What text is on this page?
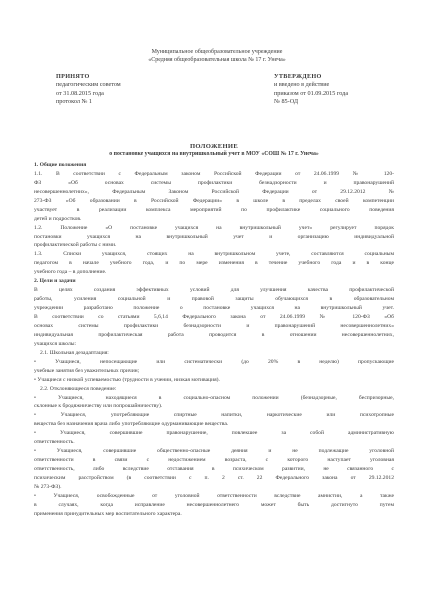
Муниципальное общеобразовательное учреждение
«Средняя общеобразовательная школа № 17 г. Унеча»
ПРИНЯТО
педагогическим советом
от 31.08.2015 года
протокол № 1
УТВЕРЖДЕНО
и введено в действие
приказом от 01.09.2015 года
№ 85-ОД
ПОЛОЖЕНИЕ
о постановке учащихся на внутришкольный учет в МОУ «СОШ № 17 г. Унеча»

1. Общие положения

1.1. В соответствии с Федеральным законом Российской Федерации от 24.06.1999 № 120-

ФЗ «Об основах системы профилактики безнадзорности и правонарушений

несовершеннолетних», Федеральным Законом Российской Федерации от 29.12.2012 №

273-ФЗ «Об образовании в Российской Федерации» в школе в пределах своей компетенции

участвует в реализации комплекса мероприятий по профилактике социального поведения

детей и подростков.

1.2. Положение «О постановке учащихся на внутришкольный учет» регулирует порядок

постановки учащихся на внутришкольный учет и организацию индивидуальной

профилактической работы с ними.

1.3. Списки учащихся, стоящих на внутришкольном учете, составляются социальным

педагогом в начале учебного года, и по мере изменения в течение учебного года и в конце

учебного года – в дополнение.

2. Цели и задачи

В целях создания эффективных условий для улучшения качества профилактической

работы, усиления социальной и правовой защиты обучающихся в образовательном

учреждении разработано положение о постановке учащихся на внутришкольный учет.

В соответствии со статьями 5,6,14 Федерального закона от 24.06.1999 № 120-ФЗ «Об

основах системы профилактики безнадзорности и правонарушений несовершеннолетних»

индивидуальная профилактическая работа проводится в отношении несовершеннолетних,

учащихся школы:

2.1. Школьная дезадаптация:

• Учащиеся, непосещающие или систематически (до 20% в неделю) пропускающие

учебные занятия без уважительных причин;

• Учащиеся с низкой успеваемостью (трудности в учении, низкая мотивация).

2.2. Отклоняющееся поведение:

• Учащиеся, находящиеся в социально-опасном положении (безнадзорные, беспризорные,

склонные к бродяжничеству или попрошайничеству).

• Учащиеся, употребляющие спиртные напитки, наркотические или психотропные

вещества без назначения врача либо употребляющие одурманивающие вещества.

• Учащиеся, совершившие правонарушение, повлекшее за собой административную

ответственность.

• Учащиеся, совершившие общественно-опасные деяния и не подлежащие уголовной

ответственности в связи с недостижением возраста, с которого наступает уголовная

ответственность, либо вследствие отставания в психическом развитии, не связанного с

психическим расстройством (в соответствии с п. 2 ст. 22 Федерального закона от 29.12.2012

№ 273-ФЗ).

• Учащиеся, освобожденные от уголовной ответственности вследствие амнистии, а также

в случаях, когда исправление несовершеннолетнего может быть достигнуто путем

применения принудительных мер воспитательного характера.
